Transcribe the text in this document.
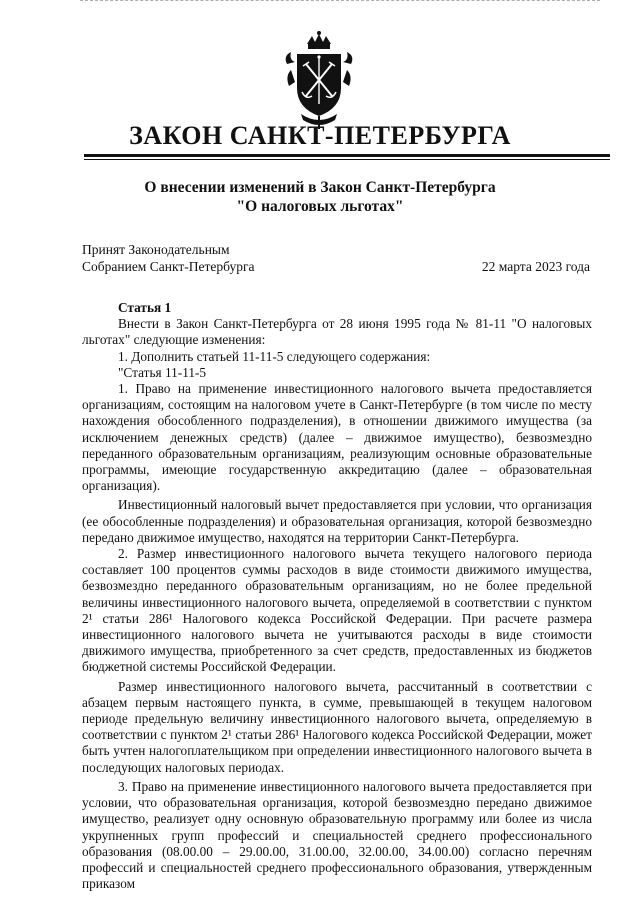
ЗАКОН САНКТ-ПЕТЕРБУРГА
О внесении изменений в Закон Санкт-Петербурга
"О налоговых льготах"
Принят Законодательным
Собранием Санкт-Петербурга	22 марта 2023 года

Статья 1

Внести в Закон Санкт-Петербурга от 28 июня 1995 года № 81-11 "О налоговых льготах" следующие изменения:

1. Дополнить статьей 11-11-5 следующего содержания:

"Статья 11-11-5

1. Право на применение инвестиционного налогового вычета предоставляется организациям, состоящим на налоговом учете в Санкт-Петербурге (в том числе по месту нахождения обособленного подразделения), в отношении движимого имущества (за исключением денежных средств) (далее – движимое имущество), безвозмездно переданного образовательным организациям, реализующим основные образовательные программы, имеющие государственную аккредитацию (далее – образовательная организация).

Инвестиционный налоговый вычет предоставляется при условии, что организация (ее обособленные подразделения) и образовательная организация, которой безвозмездно передано движимое имущество, находятся на территории Санкт-Петербурга.

2. Размер инвестиционного налогового вычета текущего налогового периода составляет 100 процентов суммы расходов в виде стоимости движимого имущества, безвозмездно переданного образовательным организациям, но не более предельной величины инвестиционного налогового вычета, определяемой в соответствии с пунктом 2¹ статьи 286¹ Налогового кодекса Российской Федерации. При расчете размера инвестиционного налогового вычета не учитываются расходы в виде стоимости движимого имущества, приобретенного за счет средств, предоставленных из бюджетов бюджетной системы Российской Федерации.

Размер инвестиционного налогового вычета, рассчитанный в соответствии с абзацем первым настоящего пункта, в сумме, превышающей в текущем налоговом периоде предельную величину инвестиционного налогового вычета, определяемую в соответствии с пунктом 2¹ статьи 286¹ Налогового кодекса Российской Федерации, может быть учтен налогоплательщиком при определении инвестиционного налогового вычета в последующих налоговых периодах.

3. Право на применение инвестиционного налогового вычета предоставляется при условии, что образовательная организация, которой безвозмездно передано движимое имущество, реализует одну основную образовательную программу или более из числа укрупненных групп профессий и специальностей среднего профессионального образования (08.00.00 – 29.00.00, 31.00.00, 32.00.00, 34.00.00) согласно перечням профессий и специальностей среднего профессионального образования, утвержденным приказом
